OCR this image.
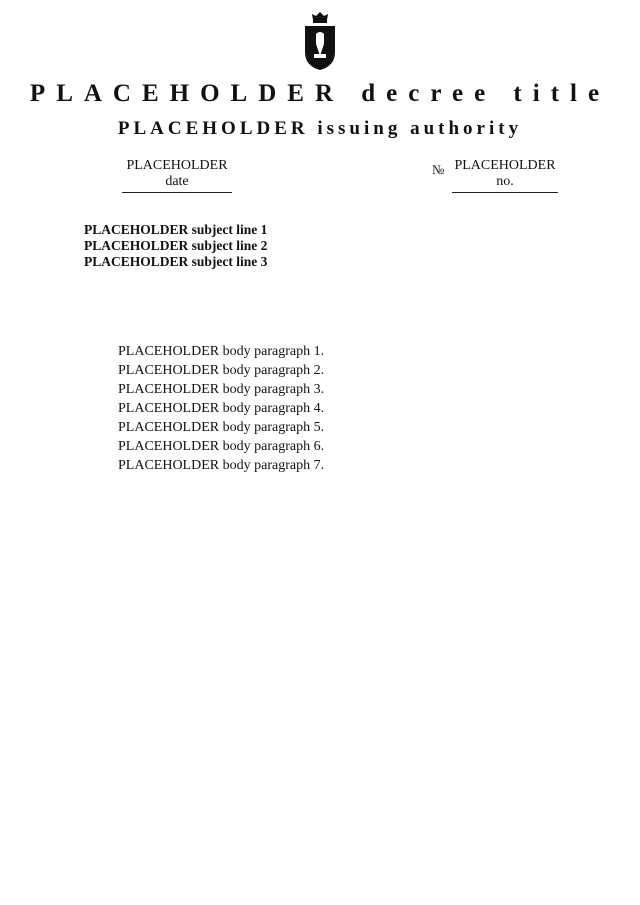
PLACEHOLDER decree title
PLACEHOLDER issuing authority
PLACEHOLDER date
№ PLACEHOLDER no.
PLACEHOLDER subject line 1
PLACEHOLDER subject line 2
PLACEHOLDER subject line 3

PLACEHOLDER body paragraph 1.

PLACEHOLDER body paragraph 2.

PLACEHOLDER body paragraph 3.

PLACEHOLDER body paragraph 4.

PLACEHOLDER body paragraph 5.

PLACEHOLDER body paragraph 6.

PLACEHOLDER body paragraph 7.
